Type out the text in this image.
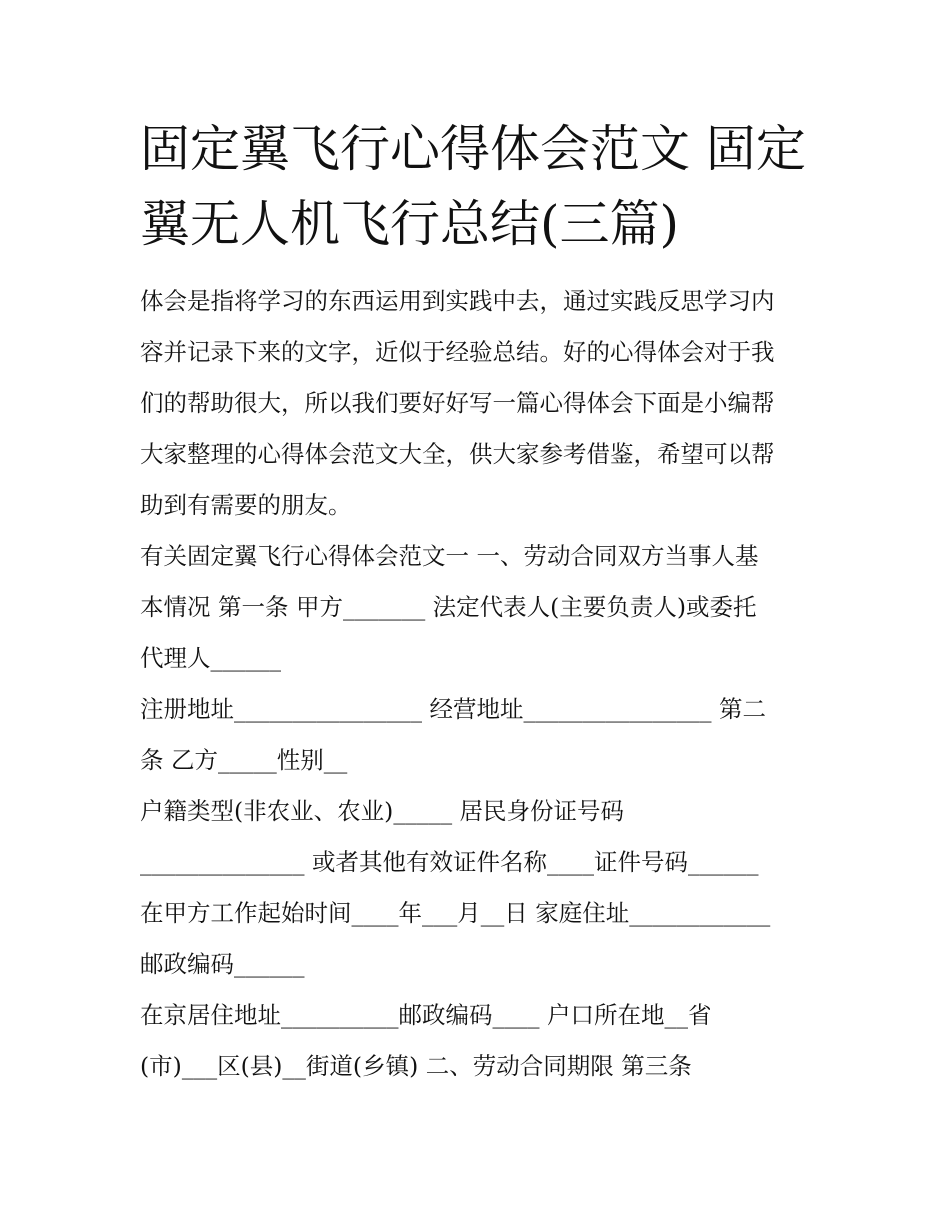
固定翼飞行心得体会范文 固定
翼无人机飞行总结(三篇)
体会是指将学习的东西运用到实践中去，通过实践反思学习内
容并记录下来的文字，近似于经验总结。好的心得体会对于我
们的帮助很大，所以我们要好好写一篇心得体会下面是小编帮
大家整理的心得体会范文大全，供大家参考借鉴，希望可以帮
助到有需要的朋友。
有关固定翼飞行心得体会范文一 一、劳动合同双方当事人基
本情况 第一条 甲方_______ 法定代表人(主要负责人)或委托
代理人______
注册地址________________ 经营地址________________ 第二
条 乙方_____性别__
户籍类型(非农业、农业)_____ 居民身份证号码
______________ 或者其他有效证件名称____证件号码______
在甲方工作起始时间____年___月__日 家庭住址____________
邮政编码______
在京居住地址__________邮政编码____ 户口所在地__省
(市)___区(县)__街道(乡镇) 二、劳动合同期限 第三条
